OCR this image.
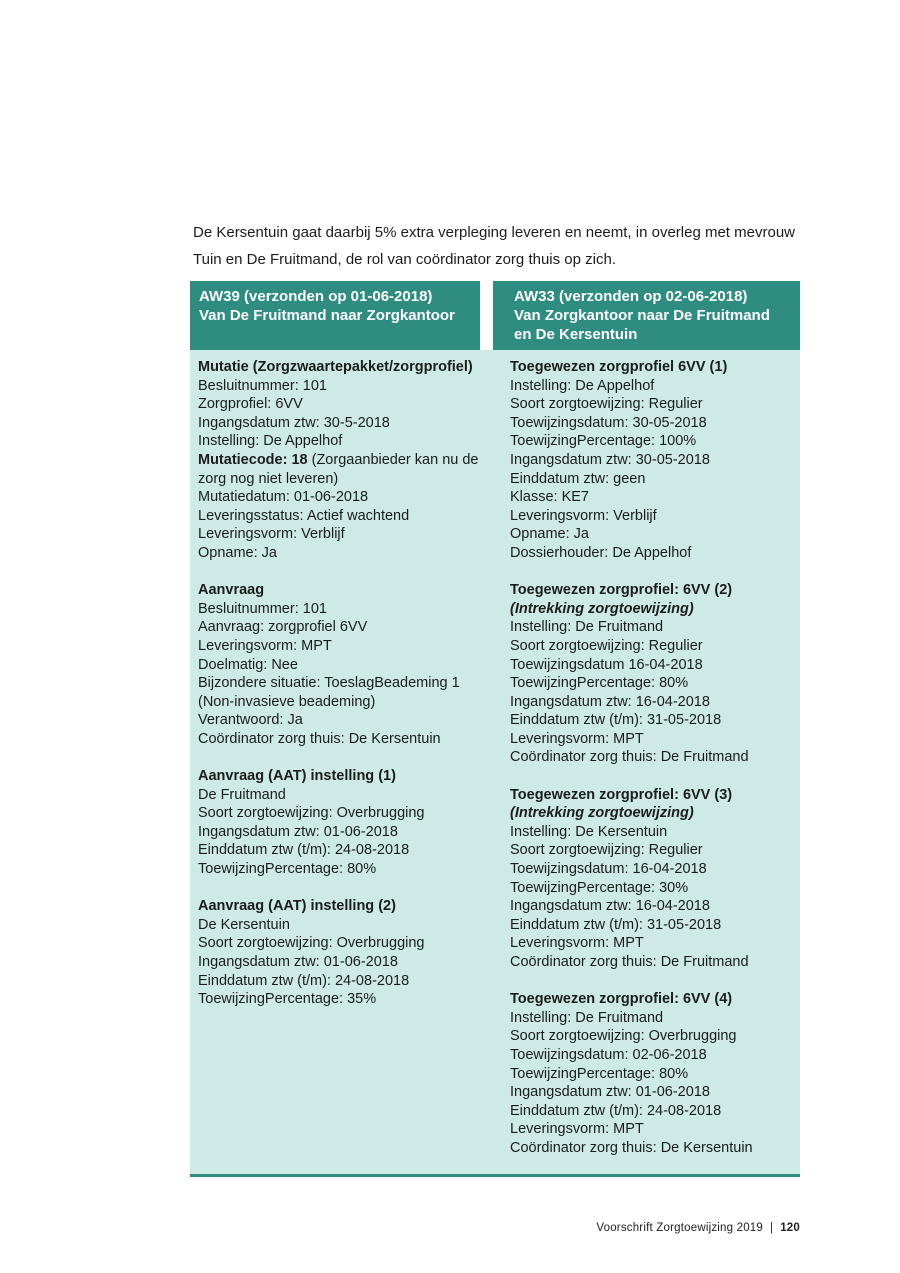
De Kersentuin gaat daarbij 5% extra verpleging leveren en neemt, in overleg met mevrouw Tuin en De Fruitmand, de rol van coördinator zorg thuis op zich.

AW39 (verzonden op 01-06-2018)
Van De Fruitmand naar Zorgkantoor
AW33 (verzonden op 02-06-2018)
Van Zorgkantoor naar De Fruitmand en De Kersentuin

Mutatie (Zorgzwaartepakket/zorgprofiel)

Besluitnummer: 101

Zorgprofiel: 6VV

Ingangsdatum ztw: 30-5-2018

Instelling: De Appelhof

Mutatiecode: 18 (Zorgaanbieder kan nu de zorg nog niet leveren)

Mutatiedatum: 01-06-2018

Leveringsstatus: Actief wachtend

Leveringsvorm: Verblijf

Opname: Ja

Aanvraag

Besluitnummer: 101

Aanvraag: zorgprofiel 6VV

Leveringsvorm: MPT

Doelmatig: Nee

Bijzondere situatie: ToeslagBeademing 1 (Non-invasieve beademing)

Verantwoord: Ja

Coördinator zorg thuis: De Kersentuin

Aanvraag (AAT) instelling (1)

De Fruitmand

Soort zorgtoewijzing: Overbrugging

Ingangsdatum ztw: 01-06-2018

Einddatum ztw (t/m): 24-08-2018

ToewijzingPercentage: 80%

Aanvraag (AAT) instelling (2)

De Kersentuin

Soort zorgtoewijzing: Overbrugging

Ingangsdatum ztw: 01-06-2018

Einddatum ztw (t/m): 24-08-2018

ToewijzingPercentage: 35%

Toegewezen zorgprofiel 6VV (1)

Instelling: De Appelhof

Soort zorgtoewijzing: Regulier

Toewijzingsdatum: 30-05-2018

ToewijzingPercentage: 100%

Ingangsdatum ztw: 30-05-2018

Einddatum ztw: geen

Klasse: KE7

Leveringsvorm: Verblijf

Opname: Ja

Dossierhouder: De Appelhof

Toegewezen zorgprofiel: 6VV (2)

(Intrekking zorgtoewijzing)

Instelling: De Fruitmand

Soort zorgtoewijzing: Regulier

Toewijzingsdatum 16-04-2018

ToewijzingPercentage: 80%

Ingangsdatum ztw: 16-04-2018

Einddatum ztw (t/m): 31-05-2018

Leveringsvorm: MPT

Coördinator zorg thuis: De Fruitmand

Toegewezen zorgprofiel: 6VV (3)

(Intrekking zorgtoewijzing)

Instelling: De Kersentuin

Soort zorgtoewijzing: Regulier

Toewijzingsdatum: 16-04-2018

ToewijzingPercentage: 30%

Ingangsdatum ztw: 16-04-2018

Einddatum ztw (t/m): 31-05-2018

Leveringsvorm: MPT

Coördinator zorg thuis: De Fruitmand

Toegewezen zorgprofiel: 6VV (4)

Instelling: De Fruitmand

Soort zorgtoewijzing: Overbrugging

Toewijzingsdatum: 02-06-2018

ToewijzingPercentage: 80%

Ingangsdatum ztw: 01-06-2018

Einddatum ztw (t/m): 24-08-2018

Leveringsvorm: MPT

Coördinator zorg thuis: De Kersentuin

Voorschrift Zorgtoewijzing 2019 | 120
